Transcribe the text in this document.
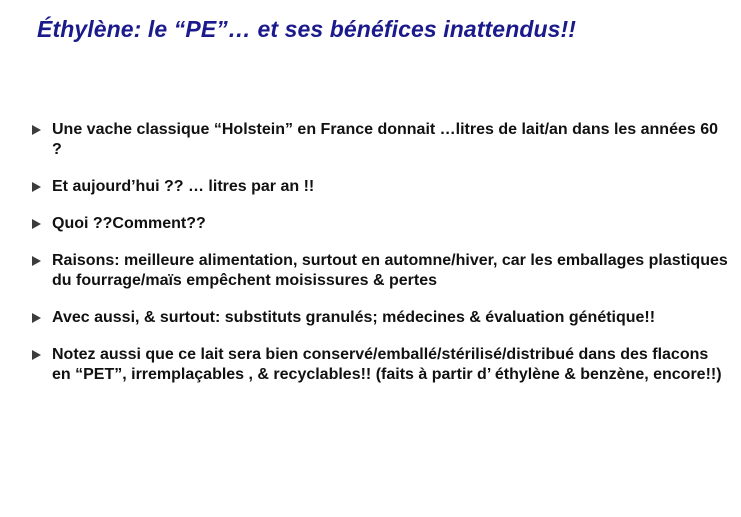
Éthylène: le “PE”… et ses bénéfices inattendus!!
Une vache classique “Holstein” en France donnait …litres de lait/an dans les années 60 ?
Et aujourd’hui ?? … litres par an !!
Quoi ??Comment??
Raisons: meilleure alimentation, surtout en automne/hiver, car les emballages plastiques du fourrage/maïs empêchent moisissures & pertes
Avec aussi, & surtout: substituts granulés; médecines & évaluation génétique!!
Notez aussi que ce lait sera bien conservé/emballé/stérilisé/distribué dans des flacons en “PET”, irremplaçables , & recyclables!! (faits à partir d’ éthylène & benzène, encore!!)
